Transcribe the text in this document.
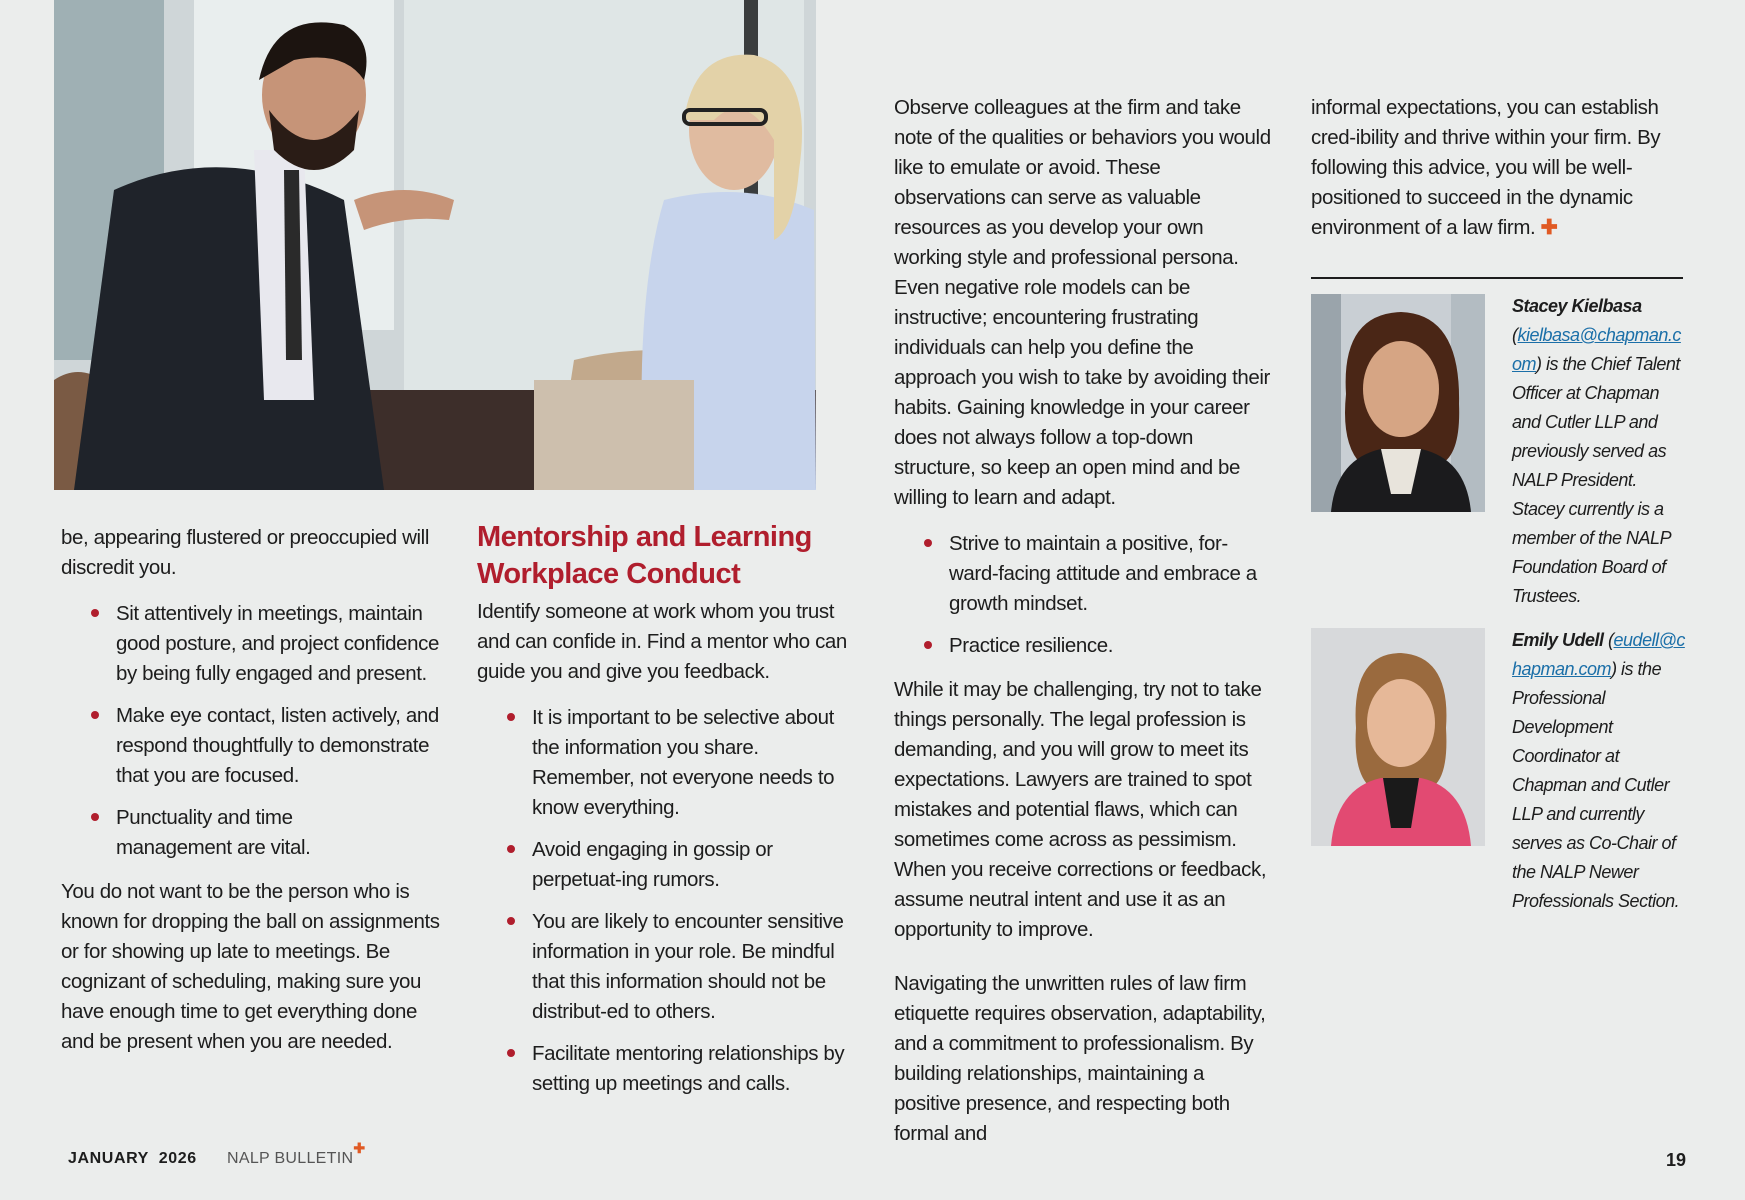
be, appearing flustered or preoccupied will discredit you.

Sit attentively in meetings, maintain good posture, and project confidence by being fully engaged and present.
Make eye contact, listen actively, and respond thoughtfully to demonstrate that you are focused.
Punctuality and time management are vital.

You do not want to be the person who is known for dropping the ball on assignments or for showing up late to meetings. Be cognizant of scheduling, making sure you have enough time to get everything done and be present when you are needed.

Mentorship and Learning
Workplace Conduct

Identify someone at work whom you trust and can confide in. Find a mentor who can guide you and give you feedback.

It is important to be selective about the information you share. Remember, not everyone needs to know everything.
Avoid engaging in gossip or perpetuat-ing rumors.
You are likely to encounter sensitive information in your role. Be mindful that this information should not be distribut-ed to others.
Facilitate mentoring relationships by setting up meetings and calls.

Observe colleagues at the firm and take note of the qualities or behaviors you would like to emulate or avoid. These observations can serve as valuable resources as you develop your own working style and professional persona. Even negative role models can be instructive; encountering frustrating individuals can help you define the approach you wish to take by avoiding their habits. Gaining knowledge in your career does not always follow a top-down structure, so keep an open mind and be willing to learn and adapt.

Strive to maintain a positive, for-ward-facing attitude and embrace a growth mindset.
Practice resilience.

While it may be challenging, try not to take things personally. The legal profession is demanding, and you will grow to meet its expectations. Lawyers are trained to spot mistakes and potential flaws, which can sometimes come across as pessimism. When you receive corrections or feedback, assume neutral intent and use it as an opportunity to improve.

Navigating the unwritten rules of law firm etiquette requires observation, adaptability, and a commitment to professionalism. By building relationships, maintaining a positive presence, and respecting both formal and

informal expectations, you can establish cred-ibility and thrive within your firm. By following this advice, you will be well-positioned to succeed in the dynamic environment of a law firm. ✚

Stacey Kielbasa
(kielbasa@chapman.com) is the Chief Talent Officer at Chapman and Cutler LLP and previously served as NALP President. Stacey currently is a member of the NALP Foundation Board of Trustees.
Emily Udell (eudell@chapman.com) is the Professional Development Coordinator at Chapman and Cutler LLP and currently serves as Co-Chair of the NALP Newer Professionals Section.
JANUARY  2026 NALP BULLETIN✚
19
